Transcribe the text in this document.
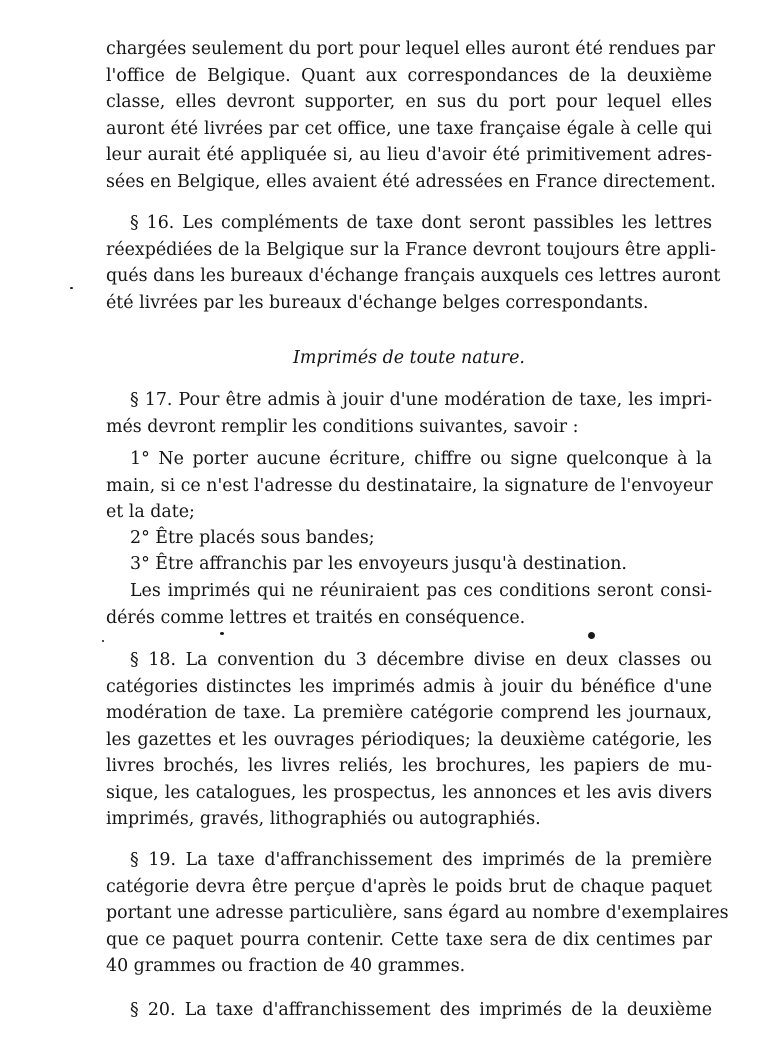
chargées seulement du port pour lequel elles auront été rendues par
l'office de Belgique. Quant aux correspondances de la deuxième
classe, elles devront supporter, en sus du port pour lequel elles
auront été livrées par cet office, une taxe française égale à celle qui
leur aurait été appliquée si, au lieu d'avoir été primitivement adres-
sées en Belgique, elles avaient été adressées en France directement.
§ 16. Les compléments de taxe dont seront passibles les lettres
réexpédiées de la Belgique sur la France devront toujours être appli-
qués dans les bureaux d'échange français auxquels ces lettres auront
été livrées par les bureaux d'échange belges correspondants.

Imprimés de toute nature.

§ 17. Pour être admis à jouir d'une modération de taxe, les impri-
més devront remplir les conditions suivantes, savoir :
1° Ne porter aucune écriture, chiffre ou signe quelconque à la
main, si ce n'est l'adresse du destinataire, la signature de l'envoyeur
et la date;
2° Être placés sous bandes;
3° Être affranchis par les envoyeurs jusqu'à destination.
Les imprimés qui ne réuniraient pas ces conditions seront consi-
dérés comme lettres et traités en conséquence.
§ 18. La convention du 3 décembre divise en deux classes ou
catégories distinctes les imprimés admis à jouir du bénéfice d'une
modération de taxe. La première catégorie comprend les journaux,
les gazettes et les ouvrages périodiques; la deuxième catégorie, les
livres brochés, les livres reliés, les brochures, les papiers de mu-
sique, les catalogues, les prospectus, les annonces et les avis divers
imprimés, gravés, lithographiés ou autographiés.
§ 19. La taxe d'affranchissement des imprimés de la première
catégorie devra être perçue d'après le poids brut de chaque paquet
portant une adresse particulière, sans égard au nombre d'exemplaires
que ce paquet pourra contenir. Cette taxe sera de dix centimes par
40 grammes ou fraction de 40 grammes.
§ 20. La taxe d'affranchissement des imprimés de la deuxième
